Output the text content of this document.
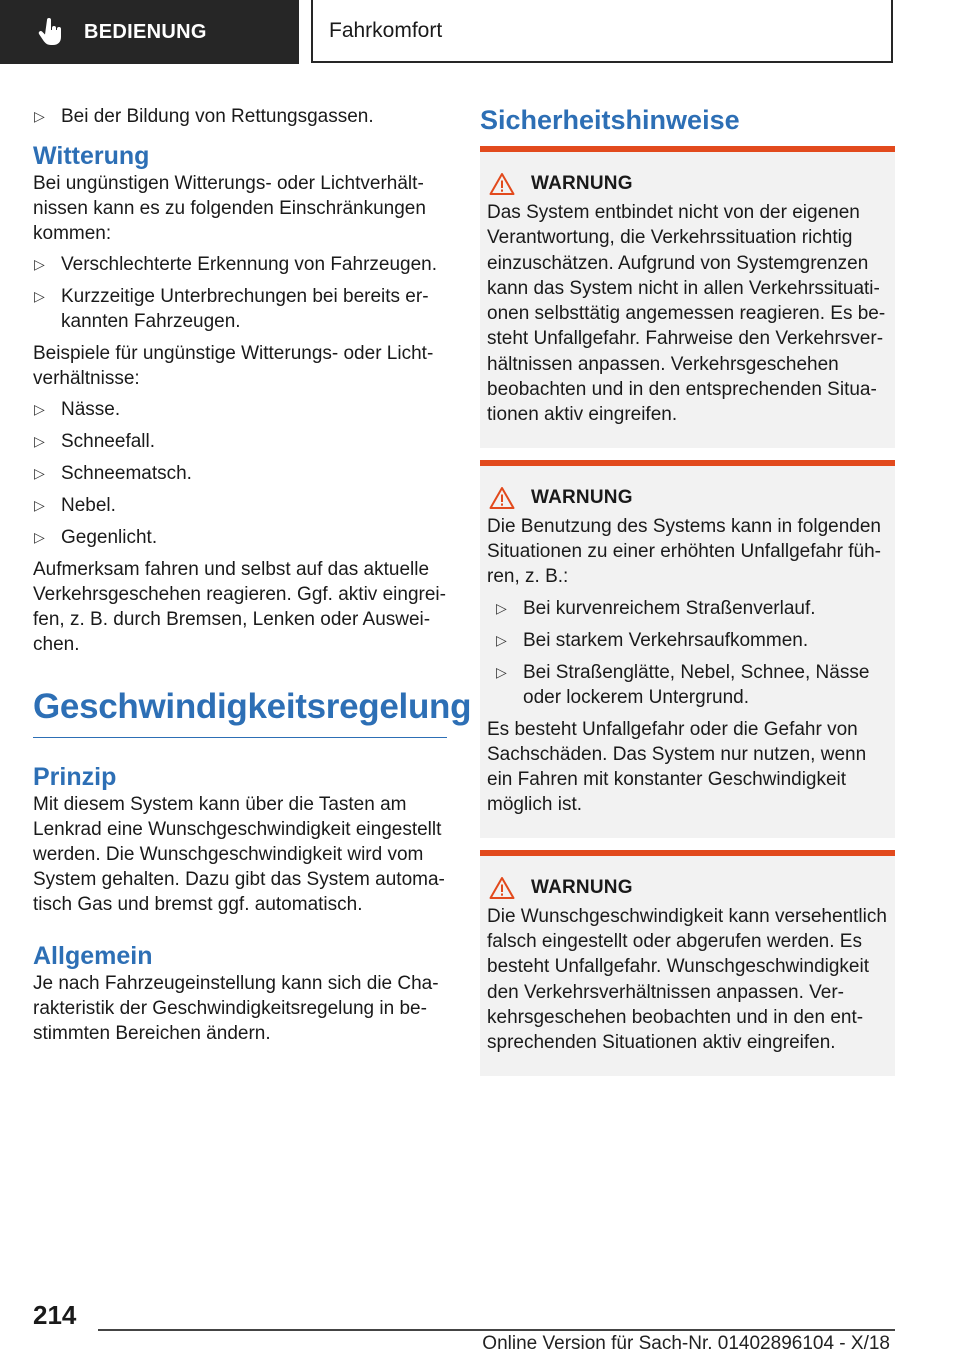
BEDIENUNG	Fahrkomfort
▷ Bei der Bildung von Rettungsgassen.
Witterung

Bei ungünstigen Witterungs- oder Lichtverhältnissen kann es zu folgenden Einschränkungen kommen:

▷ Verschlechterte Erkennung von Fahrzeugen.
▷ Kurzzeitige Unterbrechungen bei bereits erkannten Fahrzeugen.

Beispiele für ungünstige Witterungs- oder Lichtverhältnisse:

▷ Nässe.
▷ Schneefall.
▷ Schneematsch.
▷ Nebel.
▷ Gegenlicht.

Aufmerksam fahren und selbst auf das aktuelle Verkehrsgeschehen reagieren. Ggf. aktiv eingreifen, z. B. durch Bremsen, Lenken oder Ausweichen.

Geschwindigkeitsregelung
Prinzip

Mit diesem System kann über die Tasten am Lenkrad eine Wunschgeschwindigkeit eingestellt werden. Die Wunschgeschwindigkeit wird vom System gehalten. Dazu gibt das System automatisch Gas und bremst ggf. automatisch.

Allgemein

Je nach Fahrzeugeinstellung kann sich die Charakteristik der Geschwindigkeitsregelung in bestimmten Bereichen ändern.

Sicherheitshinweise
WARNUNG

Das System entbindet nicht von der eigenen Verantwortung, die Verkehrssituation richtig einzuschätzen. Aufgrund von Systemgrenzen kann das System nicht in allen Verkehrssituationen selbsttätig angemessen reagieren. Es besteht Unfallgefahr. Fahrweise den Verkehrsverhältnissen anpassen. Verkehrsgeschehen beobachten und in den entsprechenden Situationen aktiv eingreifen.

WARNUNG

Die Benutzung des Systems kann in folgenden Situationen zu einer erhöhten Unfallgefahr führen, z. B.:

▷ Bei kurvenreichem Straßenverlauf.
▷ Bei starkem Verkehrsaufkommen.
▷ Bei Straßenglätte, Nebel, Schnee, Nässe oder lockerem Untergrund.

Es besteht Unfallgefahr oder die Gefahr von Sachschäden. Das System nur nutzen, wenn ein Fahren mit konstanter Geschwindigkeit möglich ist.

WARNUNG

Die Wunschgeschwindigkeit kann versehentlich falsch eingestellt oder abgerufen werden. Es besteht Unfallgefahr. Wunschgeschwindigkeit den Verkehrsverhältnissen anpassen. Verkehrsgeschehen beobachten und in den entsprechenden Situationen aktiv eingreifen.

214
Online Version für Sach-Nr. 01402896104 - X/18
